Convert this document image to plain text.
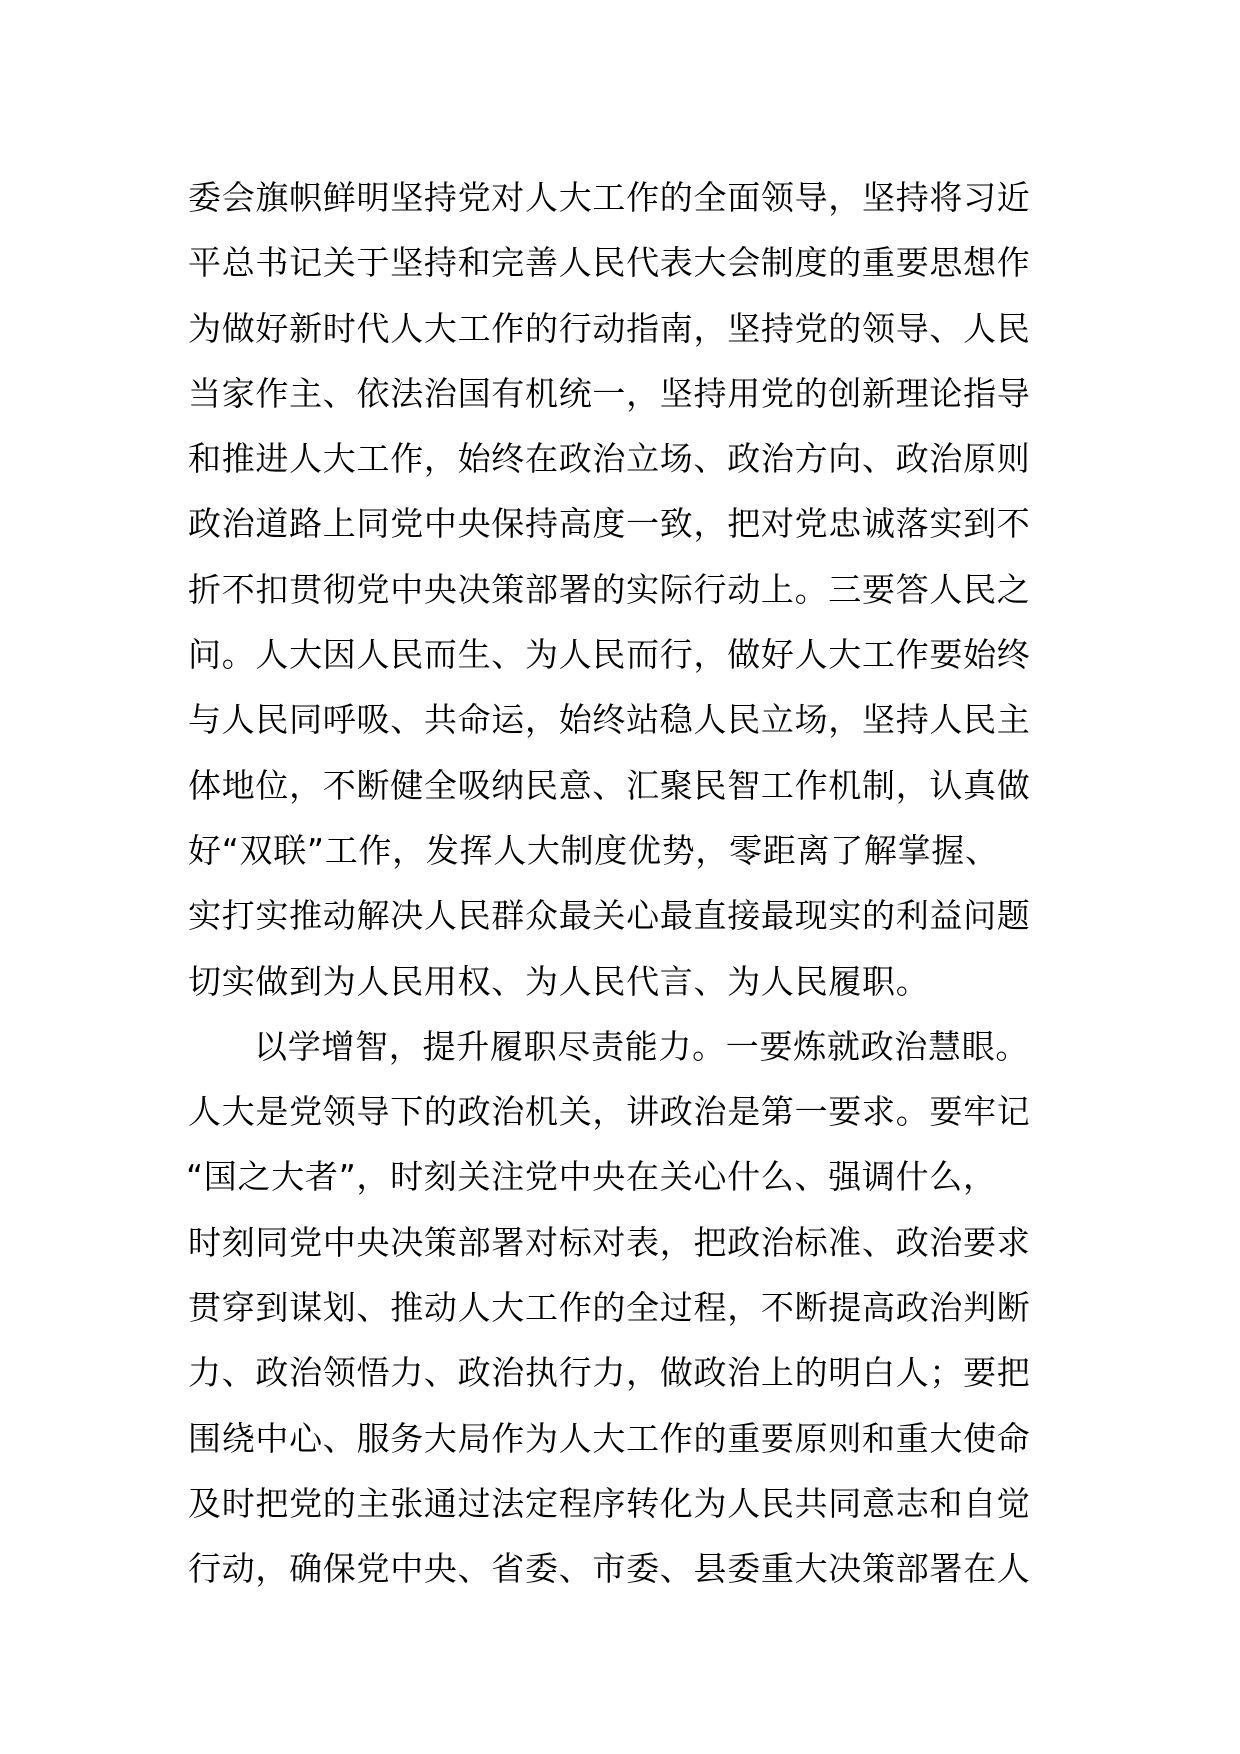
委会旗帜鲜明坚持党对人大工作的全面领导，坚持将习近
平总书记关于坚持和完善人民代表大会制度的重要思想作
为做好新时代人大工作的行动指南，坚持党的领导、人民
当家作主、依法治国有机统一，坚持用党的创新理论指导
和推进人大工作，始终在政治立场、政治方向、政治原则
政治道路上同党中央保持高度一致，把对党忠诚落实到不
折不扣贯彻党中央决策部署的实际行动上。三要答人民之
问。人大因人民而生、为人民而行，做好人大工作要始终
与人民同呼吸、共命运，始终站稳人民立场，坚持人民主
体地位，不断健全吸纳民意、汇聚民智工作机制，认真做
好“双联”工作，发挥人大制度优势，零距离了解掌握、
实打实推动解决人民群众最关心最直接最现实的利益问题
切实做到为人民用权、为人民代言、为人民履职。
以学增智，提升履职尽责能力。一要炼就政治慧眼。
人大是党领导下的政治机关，讲政治是第一要求。要牢记
“国之大者”，时刻关注党中央在关心什么、强调什么，
时刻同党中央决策部署对标对表，把政治标准、政治要求
贯穿到谋划、推动人大工作的全过程，不断提高政治判断
力、政治领悟力、政治执行力，做政治上的明白人；要把
围绕中心、服务大局作为人大工作的重要原则和重大使命
及时把党的主张通过法定程序转化为人民共同意志和自觉
行动，确保党中央、省委、市委、县委重大决策部署在人
